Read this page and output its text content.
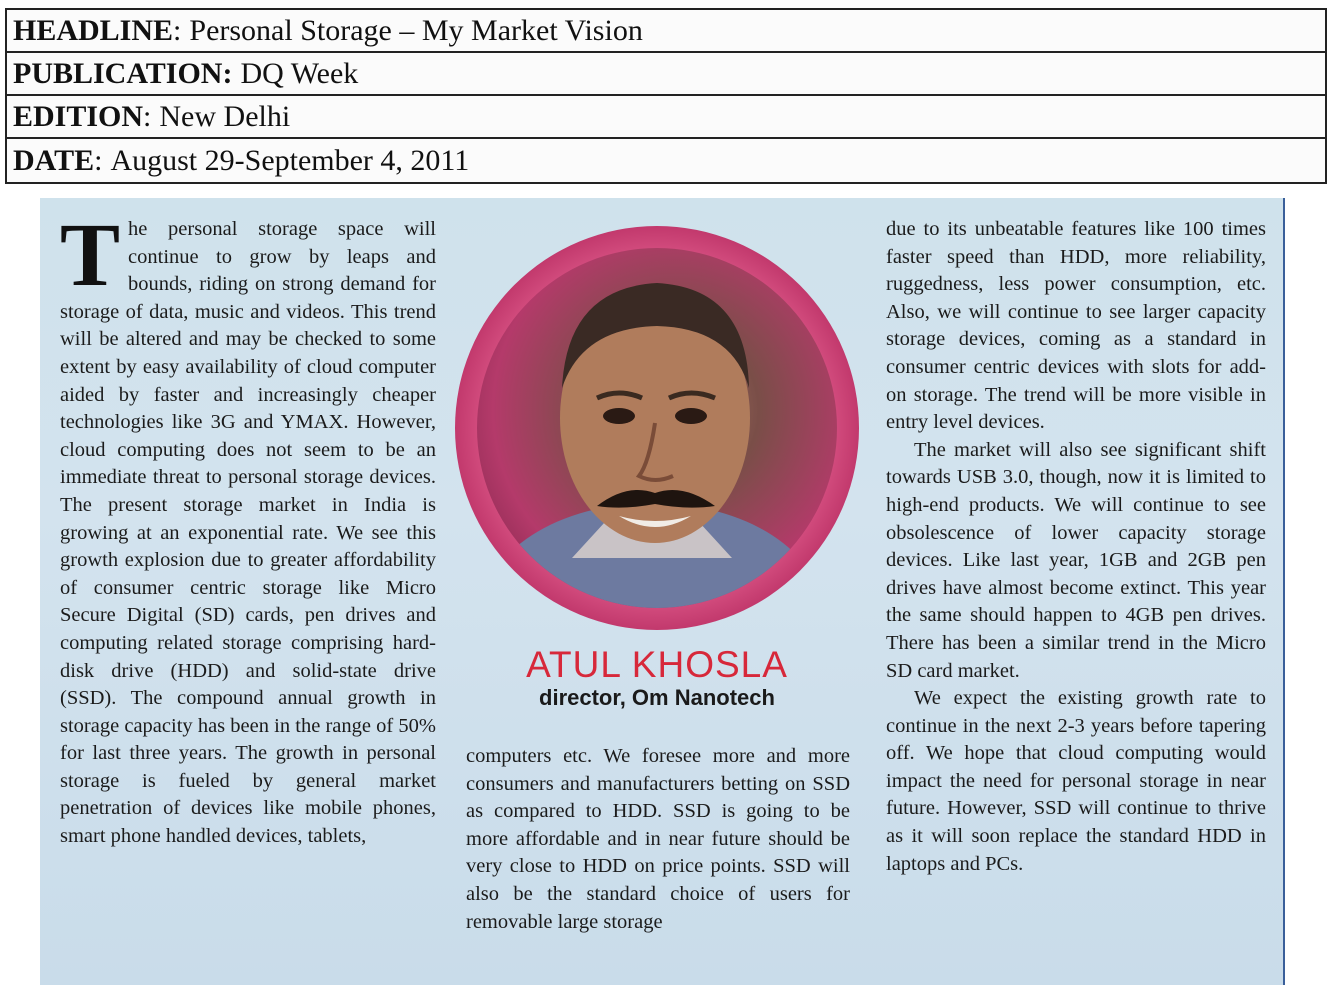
HEADLINE : Personal Storage – My Market Vision
PUBLICATION: DQ Week
EDITION : New Delhi
DATE : August 29-September 4, 2011

The personal storage space will continue to grow by leaps and bounds, riding on strong demand for storage of data, music and videos. This trend will be altered and may be checked to some extent by easy availability of cloud computer aided by faster and increasingly cheaper technologies like 3G and YMAX. However, cloud computing does not seem to be an immediate threat to personal storage devices. The present storage market in India is growing at an exponential rate. We see this growth explosion due to greater affordability of consumer centric storage like Micro Secure Digital (SD) cards, pen drives and computing related storage comprising hard-disk drive (HDD) and solid-state drive (SSD). The compound annual growth in storage capacity has been in the range of 50% for last three years. The growth in personal storage is fueled by general market penetration of devices like mobile phones, smart phone handled devices, tablets,

ATUL KHOSLA
director, Om Nanotech

computers etc. We foresee more and more consumers and manufacturers betting on SSD as compared to HDD. SSD is going to be more affordable and in near future should be very close to HDD on price points. SSD will also be the standard choice of users for removable large storage

due to its unbeatable features like 100 times faster speed than HDD, more reliability, ruggedness, less power consumption, etc. Also, we will continue to see larger capacity storage devices, coming as a standard in consumer centric devices with slots for add-on storage. The trend will be more visible in entry level devices.

The market will also see significant shift towards USB 3.0, though, now it is limited to high-end products. We will continue to see obsolescence of lower capacity storage devices. Like last year, 1GB and 2GB pen drives have almost become extinct. This year the same should happen to 4GB pen drives. There has been a similar trend in the Micro SD card market.

We expect the existing growth rate to continue in the next 2-3 years before tapering off. We hope that cloud computing would impact the need for personal storage in near future. However, SSD will continue to thrive as it will soon replace the standard HDD in laptops and PCs.
